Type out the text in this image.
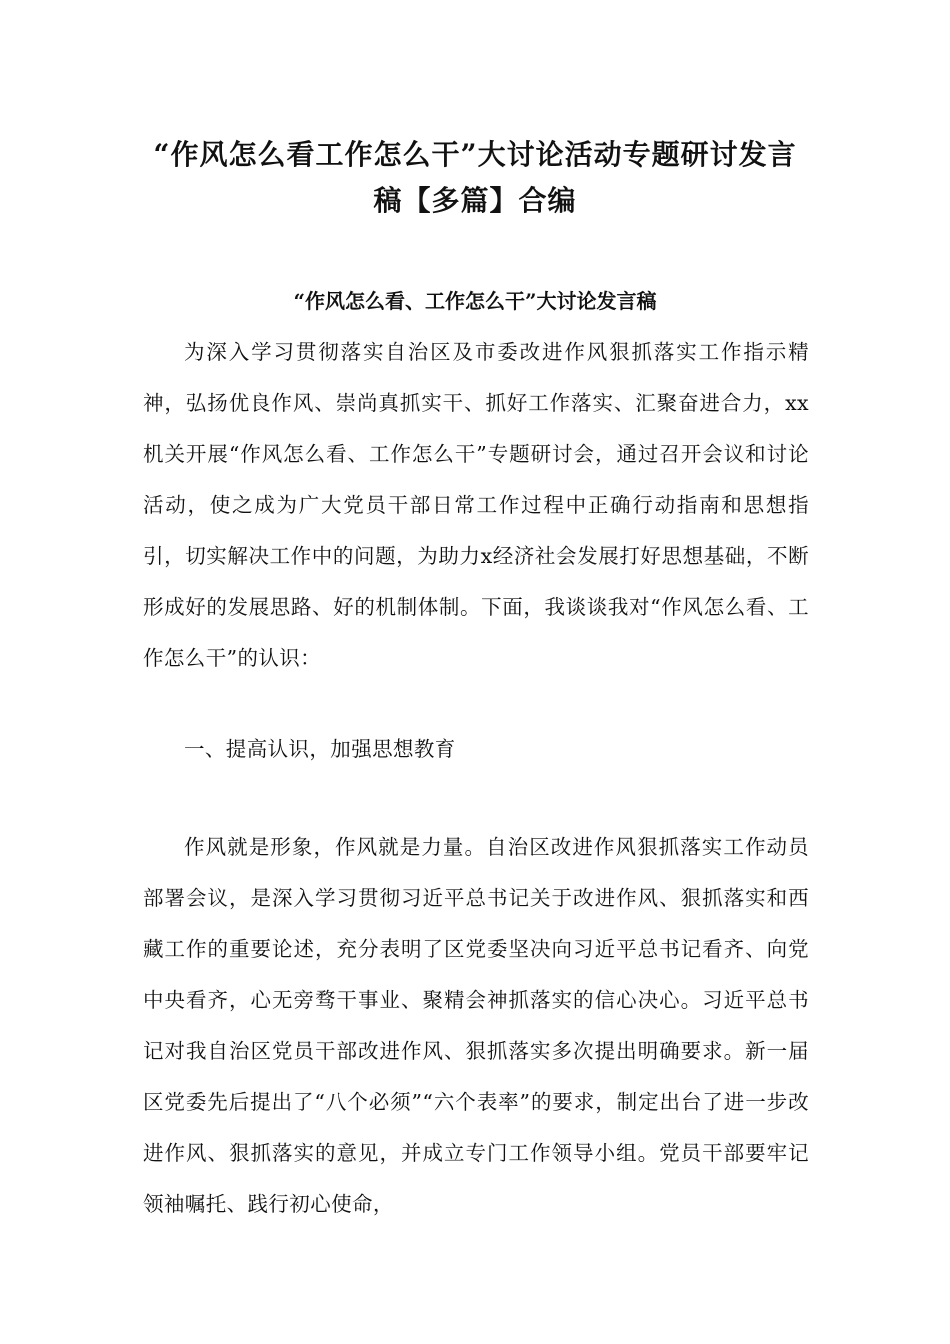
“作风怎么看工作怎么干”大讨论活动专题研讨发言稿【多篇】合编
“作风怎么看、工作怎么干”大讨论发言稿

为深入学习贯彻落实自治区及市委改进作风狠抓落实工作指示精神，弘扬优良作风、崇尚真抓实干、抓好工作落实、汇聚奋进合力，xx机关开展“作风怎么看、工作怎么干”专题研讨会，通过召开会议和讨论活动，使之成为广大党员干部日常工作过程中正确行动指南和思想指引，切实解决工作中的问题，为助力x经济社会发展打好思想基础，不断形成好的发展思路、好的机制体制。下面，我谈谈我对“作风怎么看、工作怎么干”的认识：

一、提高认识，加强思想教育

作风就是形象，作风就是力量。自治区改进作风狠抓落实工作动员部署会议，是深入学习贯彻习近平总书记关于改进作风、狠抓落实和西藏工作的重要论述，充分表明了区党委坚决向习近平总书记看齐、向党中央看齐，心无旁骛干事业、聚精会神抓落实的信心决心。习近平总书记对我自治区党员干部改进作风、狠抓落实多次提出明确要求。新一届区党委先后提出了“八个必须”“六个表率”的要求，制定出台了进一步改进作风、狠抓落实的意见，并成立专门工作领导小组。党员干部要牢记领袖嘱托、践行初心使命，
